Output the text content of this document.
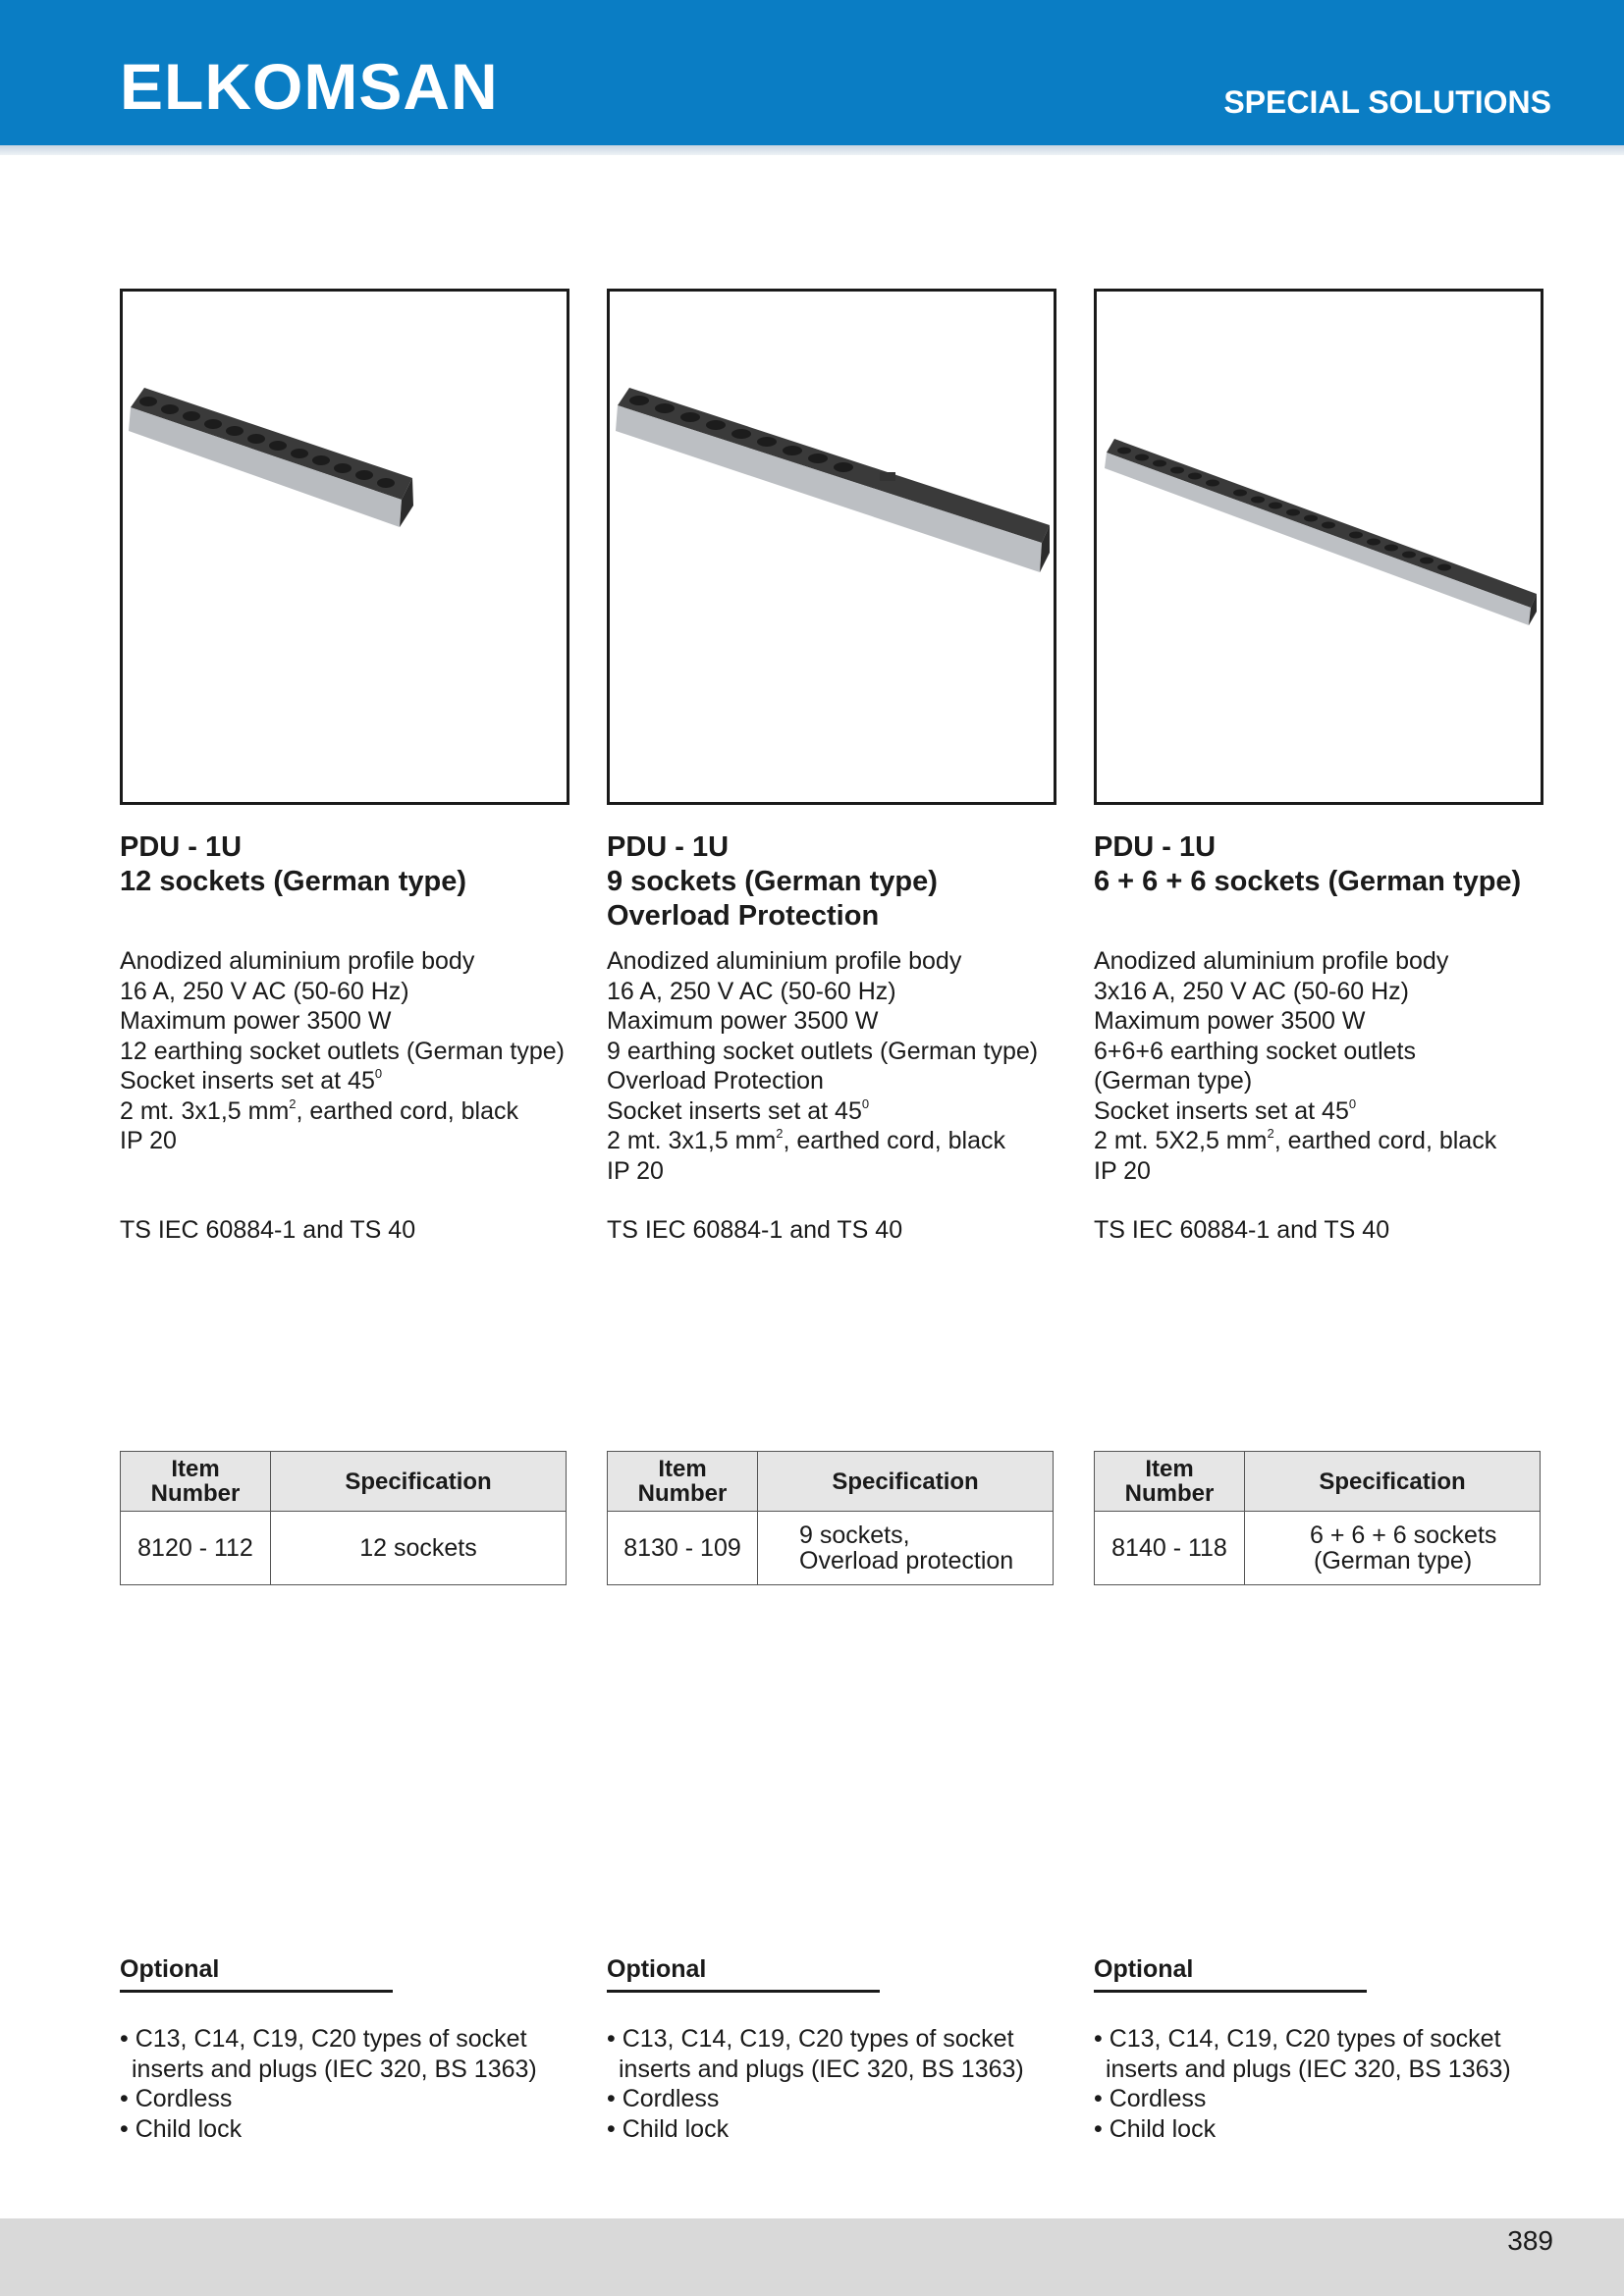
ELKOMSAN	SPECIAL SOLUTIONS
PDU - 1U
12 sockets (German type)
Anodized aluminium profile body
16 A, 250 V AC (50-60 Hz)
Maximum power 3500 W
12 earthing socket outlets (German type)
Socket inserts set at $45^0$
2 mt. 3x1,5 $mm^2$, earthed cord, black
IP 20
TS IEC 60884-1 and TS 40
Item
Number	Specification
8120 - 112	12 sockets
Optional
• C13, C14, C19, C20 types of socket
inserts and plugs (IEC 320, BS 1363)
• Cordless
• Child lock
PDU - 1U
9 sockets (German type)
Overload Protection
Anodized aluminium profile body
16 A, 250 V AC (50-60 Hz)
Maximum power 3500 W
9 earthing socket outlets (German type)
Overload Protection
Socket inserts set at $45^0$
2 mt. 3x1,5 $mm^2$, earthed cord, black
IP 20
TS IEC 60884-1 and TS 40
Item
Number	Specification
8130 - 109	9 sockets,
Overload protection
Optional
• C13, C14, C19, C20 types of socket
inserts and plugs (IEC 320, BS 1363)
• Cordless
• Child lock
PDU - 1U
6 + 6 + 6 sockets (German type)
Anodized aluminium profile body
3x16 A, 250 V AC (50-60 Hz)
Maximum power 3500 W
6+6+6 earthing socket outlets
(German type)
Socket inserts set at $45^0$
2 mt. 5X2,5 $mm^2$, earthed cord, black
IP 20
TS IEC 60884-1 and TS 40
Item
Number	Specification
8140 - 118	6 + 6 + 6 sockets
(German type)
Optional
• C13, C14, C19, C20 types of socket
inserts and plugs (IEC 320, BS 1363)
• Cordless
• Child lock
389
